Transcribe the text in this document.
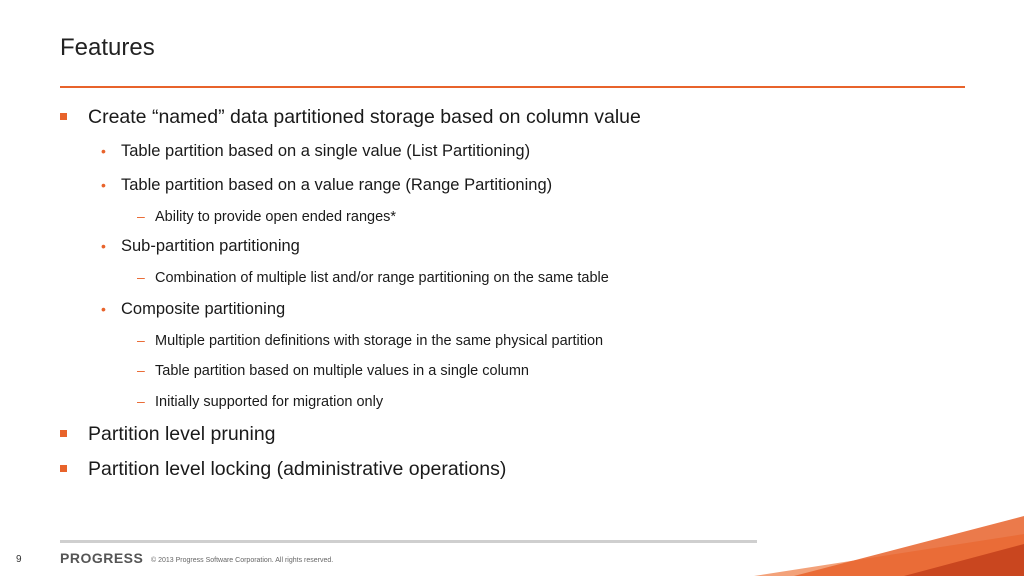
Features
Create “named” data partitioned storage based on column value
• Table partition based on a single value (List Partitioning)
• Table partition based on a value range (Range Partitioning)
– Ability to provide open ended ranges*
• Sub-partition partitioning
– Combination of multiple list and/or range partitioning on the same table
• Composite partitioning
– Multiple partition definitions with storage in the same physical partition
– Table partition based on multiple values in a single column
– Initially supported for migration only
Partition level pruning
Partition level locking (administrative operations)
9	PROGRESS © 2013 Progress Software Corporation. All rights reserved.
